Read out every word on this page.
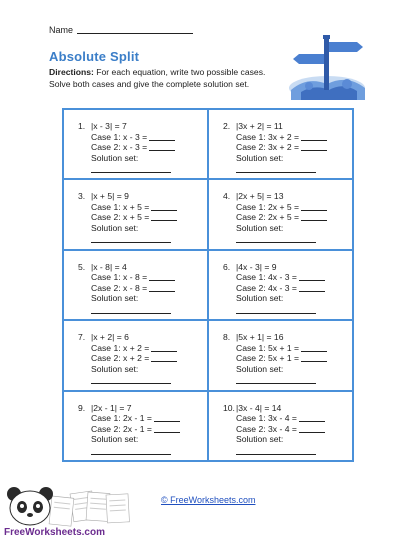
Name
Absolute Split
Directions: For each equation, write two possible cases. Solve both cases and give the complete solution set.
1. |x - 3| = 7
Case 1: x - 3 =
Case 2: x - 3 =
Solution set:
2. |3x + 2| = 11
Case 1: 3x + 2 =
Case 2: 3x + 2 =
Solution set:
3. |x + 5| = 9
Case 1: x + 5 =
Case 2: x + 5 =
Solution set:
4. |2x + 5| = 13
Case 1: 2x + 5 =
Case 2: 2x + 5 =
Solution set:
5. |x - 8| = 4
Case 1: x - 8 =
Case 2: x - 8 =
Solution set:
6. |4x - 3| = 9
Case 1: 4x - 3 =
Case 2: 4x - 3 =
Solution set:
7. |x + 2| = 6
Case 1: x + 2 =
Case 2: x + 2 =
Solution set:
8. |5x + 1| = 16
Case 1: 5x + 1 =
Case 2: 5x + 1 =
Solution set:
9. |2x - 1| = 7
Case 1: 2x - 1 =
Case 2: 2x - 1 =
Solution set:
10. |3x - 4| = 14
Case 1: 3x - 4 =
Case 2: 3x - 4 =
Solution set:
© FreeWorksheets.com
FreeWorksheets.com
